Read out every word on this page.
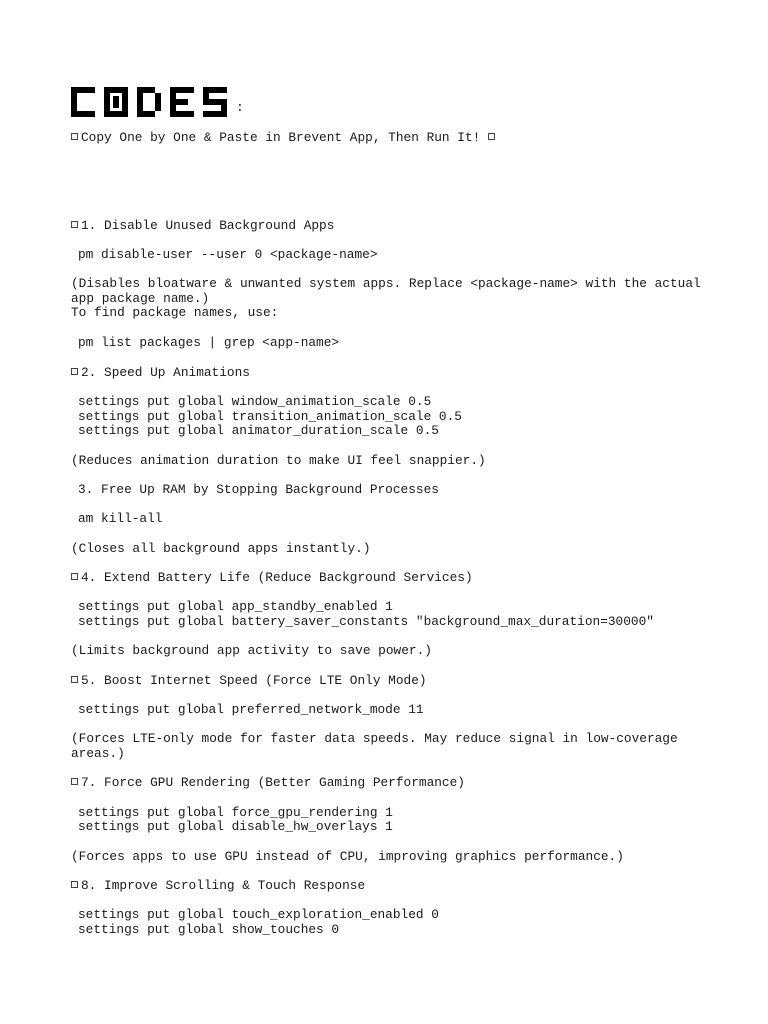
:
Copy One by One & Paste in Brevent App, Then Run It!
1. Disable Unused Background Apps
pm disable-user --user 0 <package-name>
(Disables bloatware & unwanted system apps. Replace <package-name> with the actual
app package name.)
To find package names, use:
pm list packages | grep <app-name>
2. Speed Up Animations
settings put global window_animation_scale 0.5
settings put global transition_animation_scale 0.5
settings put global animator_duration_scale 0.5
(Reduces animation duration to make UI feel snappier.)
3. Free Up RAM by Stopping Background Processes
am kill-all
(Closes all background apps instantly.)
4. Extend Battery Life (Reduce Background Services)
settings put global app_standby_enabled 1
settings put global battery_saver_constants "background_max_duration=30000"
(Limits background app activity to save power.)
5. Boost Internet Speed (Force LTE Only Mode)
settings put global preferred_network_mode 11
(Forces LTE-only mode for faster data speeds. May reduce signal in low-coverage
areas.)
7. Force GPU Rendering (Better Gaming Performance)
settings put global force_gpu_rendering 1
settings put global disable_hw_overlays 1
(Forces apps to use GPU instead of CPU, improving graphics performance.)
8. Improve Scrolling & Touch Response
settings put global touch_exploration_enabled 0
settings put global show_touches 0
